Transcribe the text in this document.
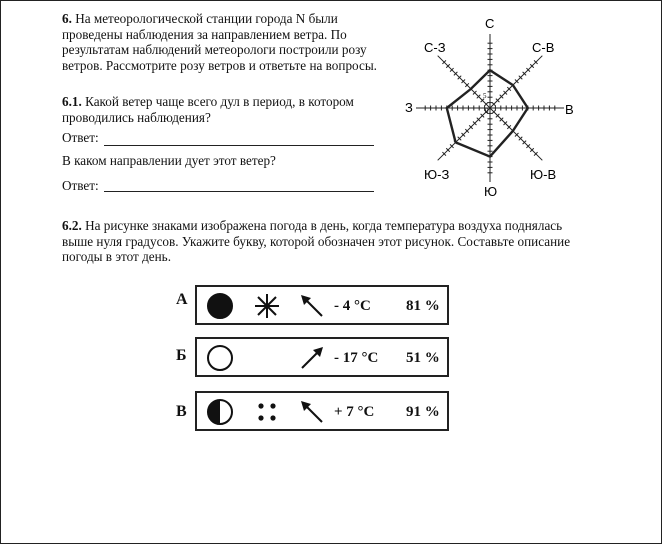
6. На метеорологической станции города N были проведены наблюдения за направлением ветра. По результатам наблюдений метеорологи построили розу ветров. Рассмотрите розу ветров и ответьте на вопросы.

6.1. Какой ветер чаще всего дул в период, в котором проводились наблюдения?

Ответ:

В каком направлении дует этот ветер?

Ответ:

5
0
С
С-В
В
Ю-В
Ю
Ю-З
З
С-З

6.2. На рисунке знаками изображена погода в день, когда температура воздуха поднялась выше нуля градусов. Укажите букву, которой обозначен этот рисунок. Составьте описание погоды в этот день.

А	- 4 °С 81 %
Б	- 17 °С 51 %
В	+ 7 °С 91 %
